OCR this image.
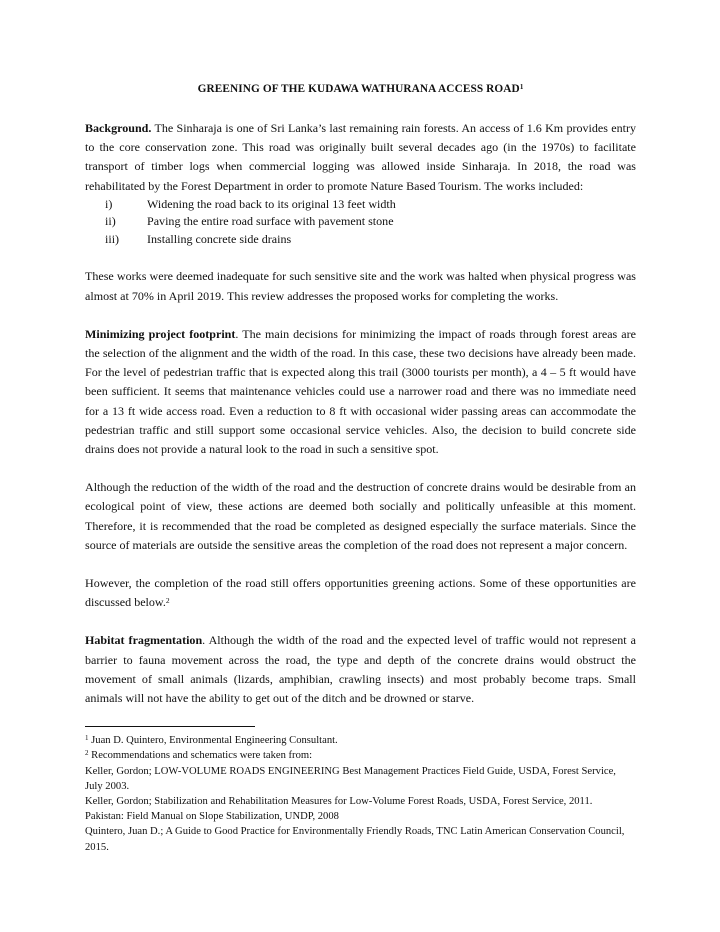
GREENING OF THE KUDAWA WATHURANA ACCESS ROAD$^1$

Background. The Sinharaja is one of Sri Lanka’s last remaining rain forests. An access of 1.6 Km provides entry to the core conservation zone. This road was originally built several decades ago (in the 1970s) to facilitate transport of timber logs when commercial logging was allowed inside Sinharaja. In 2018, the road was rehabilitated by the Forest Department in order to promote Nature Based Tourism. The works included:

i)	Widening the road back to its original 13 feet width
ii)	Paving the entire road surface with pavement stone
iii)	Installing concrete side drains

These works were deemed inadequate for such sensitive site and the work was halted when physical progress was almost at 70% in April 2019. This review addresses the proposed works for completing the works.

Minimizing project footprint. The main decisions for minimizing the impact of roads through forest areas are the selection of the alignment and the width of the road. In this case, these two decisions have already been made. For the level of pedestrian traffic that is expected along this trail (3000 tourists per month), a 4 – 5 ft would have been sufficient. It seems that maintenance vehicles could use a narrower road and there was no immediate need for a 13 ft wide access road. Even a reduction to 8 ft with occasional wider passing areas can accommodate the pedestrian traffic and still support some occasional service vehicles. Also, the decision to build concrete side drains does not provide a natural look to the road in such a sensitive spot.

Although the reduction of the width of the road and the destruction of concrete drains would be desirable from an ecological point of view, these actions are deemed both socially and politically unfeasible at this moment. Therefore, it is recommended that the road be completed as designed especially the surface materials. Since the source of materials are outside the sensitive areas the completion of the road does not represent a major concern.

However, the completion of the road still offers opportunities greening actions. Some of these opportunities are discussed below.$^2$

Habitat fragmentation. Although the width of the road and the expected level of traffic would not represent a barrier to fauna movement across the road, the type and depth of the concrete drains would obstruct the movement of small animals (lizards, amphibian, crawling insects) and most probably become traps. Small animals will not have the ability to get out of the ditch and be drowned or starve.

$^1$ Juan D. Quintero, Environmental Engineering Consultant.

$^2$ Recommendations and schematics were taken from:

Keller, Gordon; LOW-VOLUME ROADS ENGINEERING Best Management Practices Field Guide, USDA, Forest Service, July 2003.

Keller, Gordon; Stabilization and Rehabilitation Measures for Low-Volume Forest Roads, USDA, Forest Service, 2011.

Pakistan: Field Manual on Slope Stabilization, UNDP, 2008

Quintero, Juan D.; A Guide to Good Practice for Environmentally Friendly Roads, TNC Latin American Conservation Council, 2015.
